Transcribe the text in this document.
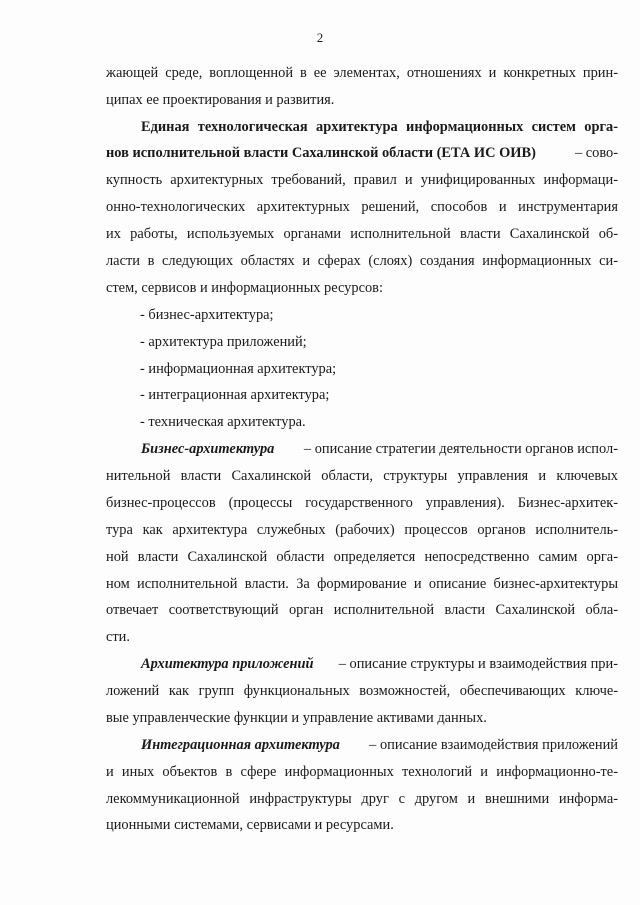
2
жающей среде, воплощенной в ее элементах, отношениях и конкретных прин-
ципах ее проектирования и развития.
Единая технологическая архитектура информационных систем орга-
нов исполнительной власти Сахалинской области (ЕТА ИС ОИВ)	– сово-
купность архитектурных требований, правил и унифицированных информаци-
онно-технологических архитектурных решений, способов и инструментария
их работы, используемых органами исполнительной власти Сахалинской об-
ласти в следующих областях и сферах (слоях) создания информационных си-
стем, сервисов и информационных ресурсов:
- бизнес-архитектура;
- архитектура приложений;
- информационная архитектура;
- интеграционная архитектура;
- техническая архитектура.
Бизнес-архитектура – описание стратегии деятельности органов испол-
нительной власти Сахалинской области, структуры управления и ключевых
бизнес-процессов (процессы государственного управления). Бизнес-архитек-
тура как архитектура служебных (рабочих) процессов органов исполнитель-
ной власти Сахалинской области определяется непосредственно самим орга-
ном исполнительной власти. За формирование и описание бизнес-архитектуры
отвечает соответствующий орган исполнительной власти Сахалинской обла-
сти.
Архитектура приложений – описание структуры и взаимодействия при-
ложений как групп функциональных возможностей, обеспечивающих ключе-
вые управленческие функции и управление активами данных.
Интеграционная архитектура – описание взаимодействия приложений
и иных объектов в сфере информационных технологий и информационно-те-
лекоммуникационной инфраструктуры друг с другом и внешними информа-
ционными системами, сервисами и ресурсами.
